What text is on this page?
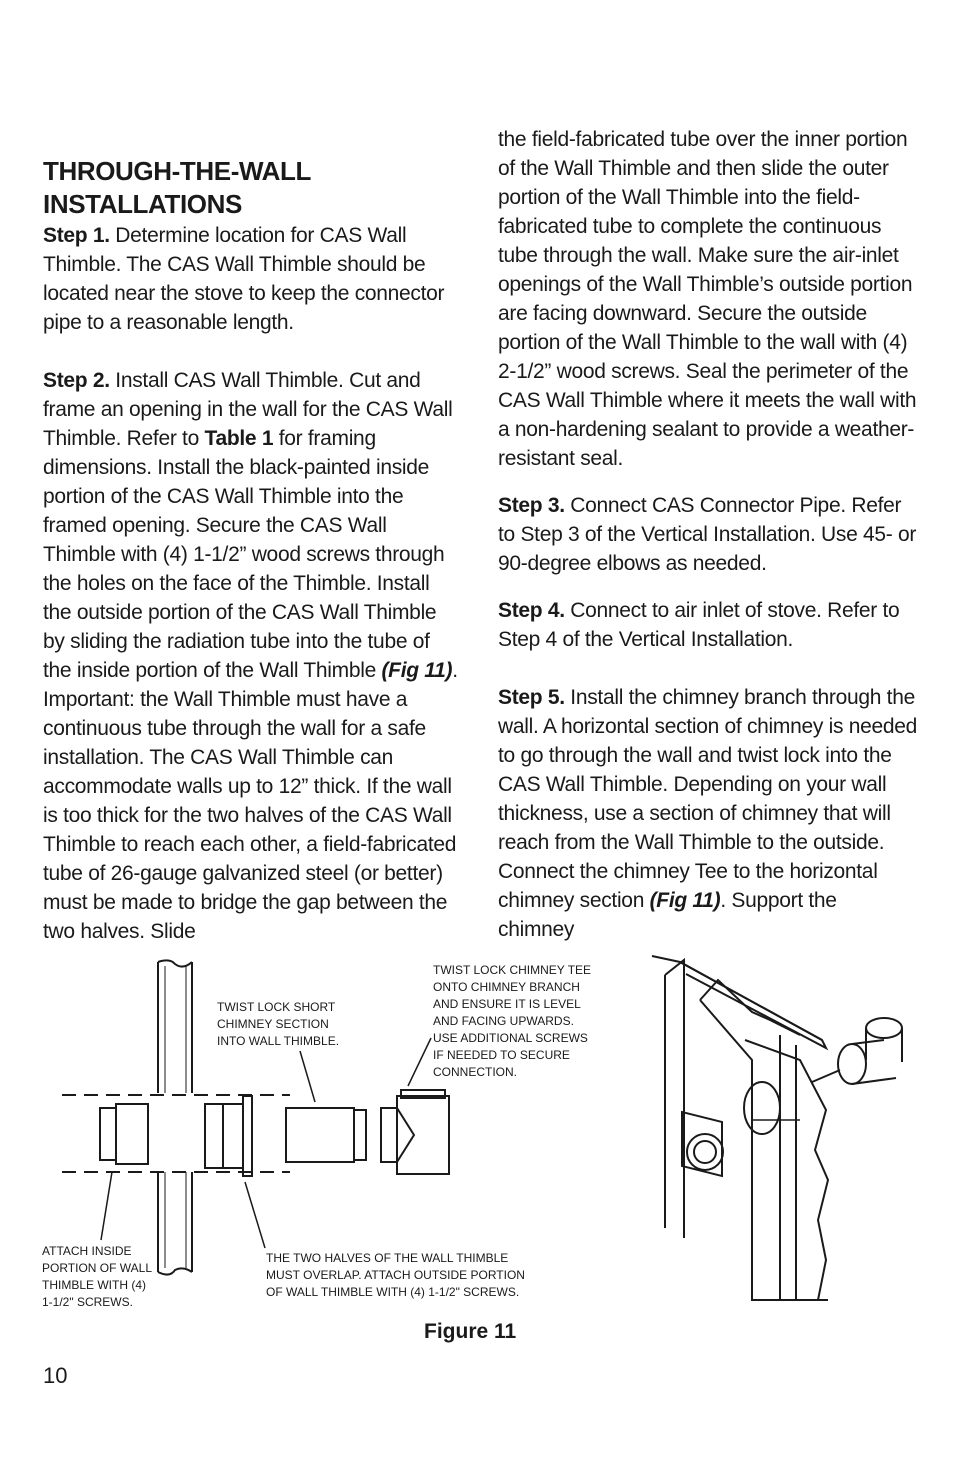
THROUGH-THE-WALL
INSTALLATIONS

Step 1. Determine location for CAS Wall Thimble. The CAS Wall Thimble should be located near the stove to keep the connector pipe to a reasonable length.

Step 2. Install CAS Wall Thimble. Cut and frame an opening in the wall for the CAS Wall Thimble. Refer to Table 1 for framing dimensions. Install the black-painted inside portion of the CAS Wall Thimble into the framed opening. Secure the CAS Wall Thimble with (4) 1-1/2” wood screws through the holes on the face of the Thimble. Install the outside portion of the CAS Wall Thimble by sliding the radiation tube into the tube of the inside portion of the Wall Thimble (Fig 11). Important: the Wall Thimble must have a continuous tube through the wall for a safe installation. The CAS Wall Thimble can accommodate walls up to 12” thick. If the wall is too thick for the two halves of the CAS Wall Thimble to reach each other, a field-fabricated tube of 26-gauge galvanized steel (or better) must be made to bridge the gap between the two halves. Slide

the field-fabricated tube over the inner portion of the Wall Thimble and then slide the outer portion of the Wall Thimble into the field-fabricated tube to complete the continuous tube through the wall. Make sure the air-inlet openings of the Wall Thimble’s outside portion are facing downward. Secure the outside portion of the Wall Thimble to the wall with (4) 2-1/2” wood screws. Seal the perimeter of the CAS Wall Thimble where it meets the wall with a non-hardening sealant to provide a weather-resistant seal.

Step 3. Connect CAS Connector Pipe. Refer to Step 3 of the Vertical Installation. Use 45- or 90-degree elbows as needed.

Step 4. Connect to air inlet of stove. Refer to Step 4 of the Vertical Installation.

Step 5. Install the chimney branch through the wall. A horizontal section of chimney is needed to go through the wall and twist lock into the CAS Wall Thimble. Depending on your wall thickness, use a section of chimney that will reach from the Wall Thimble to the outside. Connect the chimney Tee to the horizontal chimney section (Fig 11). Support the chimney

TWIST LOCK CHIMNEY TEE
ONTO CHIMNEY BRANCH
AND ENSURE IT IS LEVEL
AND FACING UPWARDS.
USE ADDITIONAL SCREWS
IF NEEDED TO SECURE
CONNECTION.
TWIST LOCK SHORT
CHIMNEY SECTION
INTO WALL THIMBLE.
ATTACH INSIDE
PORTION OF WALL
THIMBLE WITH (4)
1-1/2" SCREWS.
THE TWO HALVES OF THE WALL THIMBLE
MUST OVERLAP. ATTACH OUTSIDE PORTION
OF WALL THIMBLE WITH (4) 1-1/2" SCREWS.
Figure 11
10
